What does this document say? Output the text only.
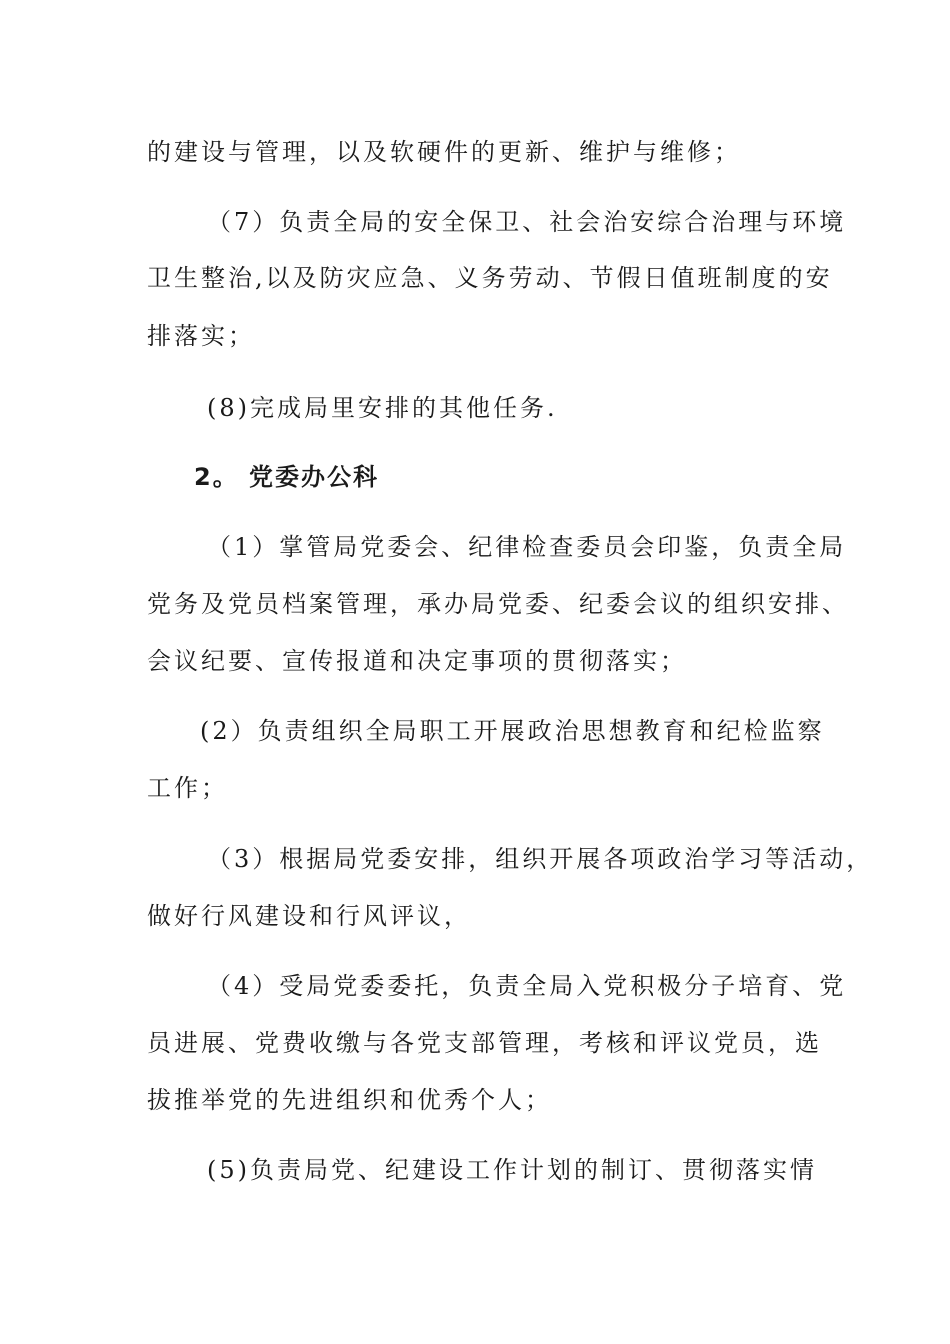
的建设与管理，以及软硬件的更新、维护与维修；
（7）负责全局的安全保卫、社会治安综合治理与环境
卫生整治,以及防灾应急、义务劳动、节假日值班制度的安
排落实；
(8)完成局里安排的其他任务.
2。 党委办公科
（1）掌管局党委会、纪律检查委员会印鉴，负责全局
党务及党员档案管理，承办局党委、纪委会议的组织安排、
会议纪要、宣传报道和决定事项的贯彻落实；
(2）负责组织全局职工开展政治思想教育和纪检监察
工作；
（3）根据局党委安排，组织开展各项政治学习等活动，
做好行风建设和行风评议，
（4）受局党委委托，负责全局入党积极分子培育、党
员进展、党费收缴与各党支部管理，考核和评议党员，选
拔推举党的先进组织和优秀个人；
(5)负责局党、纪建设工作计划的制订、贯彻落实情
